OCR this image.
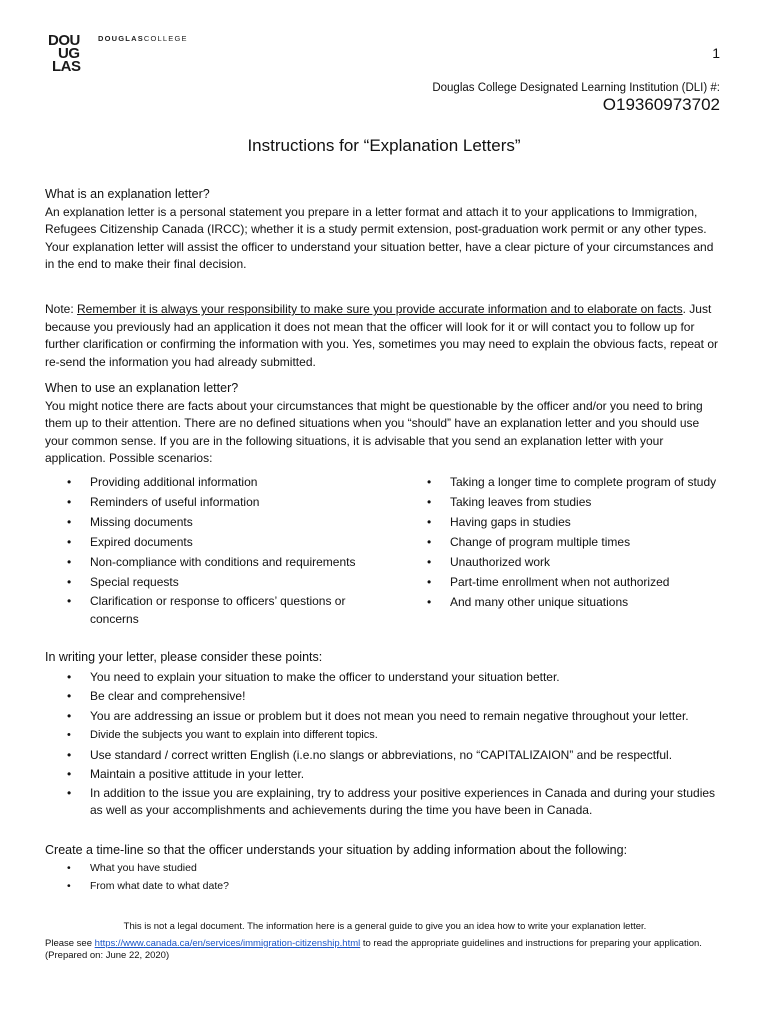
DOU
UG
LAS
DOUGLASCOLLEGE
1
Douglas College Designated Learning Institution (DLI) #:
O19360973702
Instructions for “Explanation Letters”

What is an explanation letter?

An explanation letter is a personal statement you prepare in a letter format and attach it to your applications to Immigration, Refugees Citizenship Canada (IRCC); whether it is a study permit extension, post-graduation work permit or any other types. Your explanation letter will assist the officer to understand your situation better, have a clear picture of your circumstances and in the end to make their final decision.

Note: Remember it is always your responsibility to make sure you provide accurate information and to elaborate on facts. Just because you previously had an application it does not mean that the officer will look for it or will contact you to follow up for further clarification or confirming the information with you. Yes, sometimes you may need to explain the obvious facts, repeat or re-send the information you had already submitted.

When to use an explanation letter?

You might notice there are facts about your circumstances that might be questionable by the officer and/or you need to bring them up to their attention. There are no defined situations when you “should” have an explanation letter and you should use your common sense. If you are in the following situations, it is advisable that you send an explanation letter with your application. Possible scenarios:

• Providing additional information
• Reminders of useful information
• Missing documents
• Expired documents
• Non-compliance with conditions and requirements
• Special requests
• Clarification or response to officers’ questions or concerns
• Taking a longer time to complete program of study
• Taking leaves from studies
• Having gaps in studies
• Change of program multiple times
• Unauthorized work
• Part-time enrollment when not authorized
• And many other unique situations

In writing your letter, please consider these points:

• You need to explain your situation to make the officer to understand your situation better.
• Be clear and comprehensive!
• You are addressing an issue or problem but it does not mean you need to remain negative throughout your letter.
• Divide the subjects you want to explain into different topics.
• Use standard / correct written English (i.e.no slangs or abbreviations, no “CAPITALIZAION” and be respectful.
• Maintain a positive attitude in your letter.
• In addition to the issue you are explaining, try to address your positive experiences in Canada and during your studies as well as your accomplishments and achievements during the time you have been in Canada.

Create a time-line so that the officer understands your situation by adding information about the following:

• What you have studied
• From what date to what date?

This is not a legal document. The information here is a general guide to give you an idea how to write your explanation letter.

Please see https://www.canada.ca/en/services/immigration-citizenship.html to read the appropriate guidelines and instructions for preparing your application. (Prepared on: June 22, 2020)
